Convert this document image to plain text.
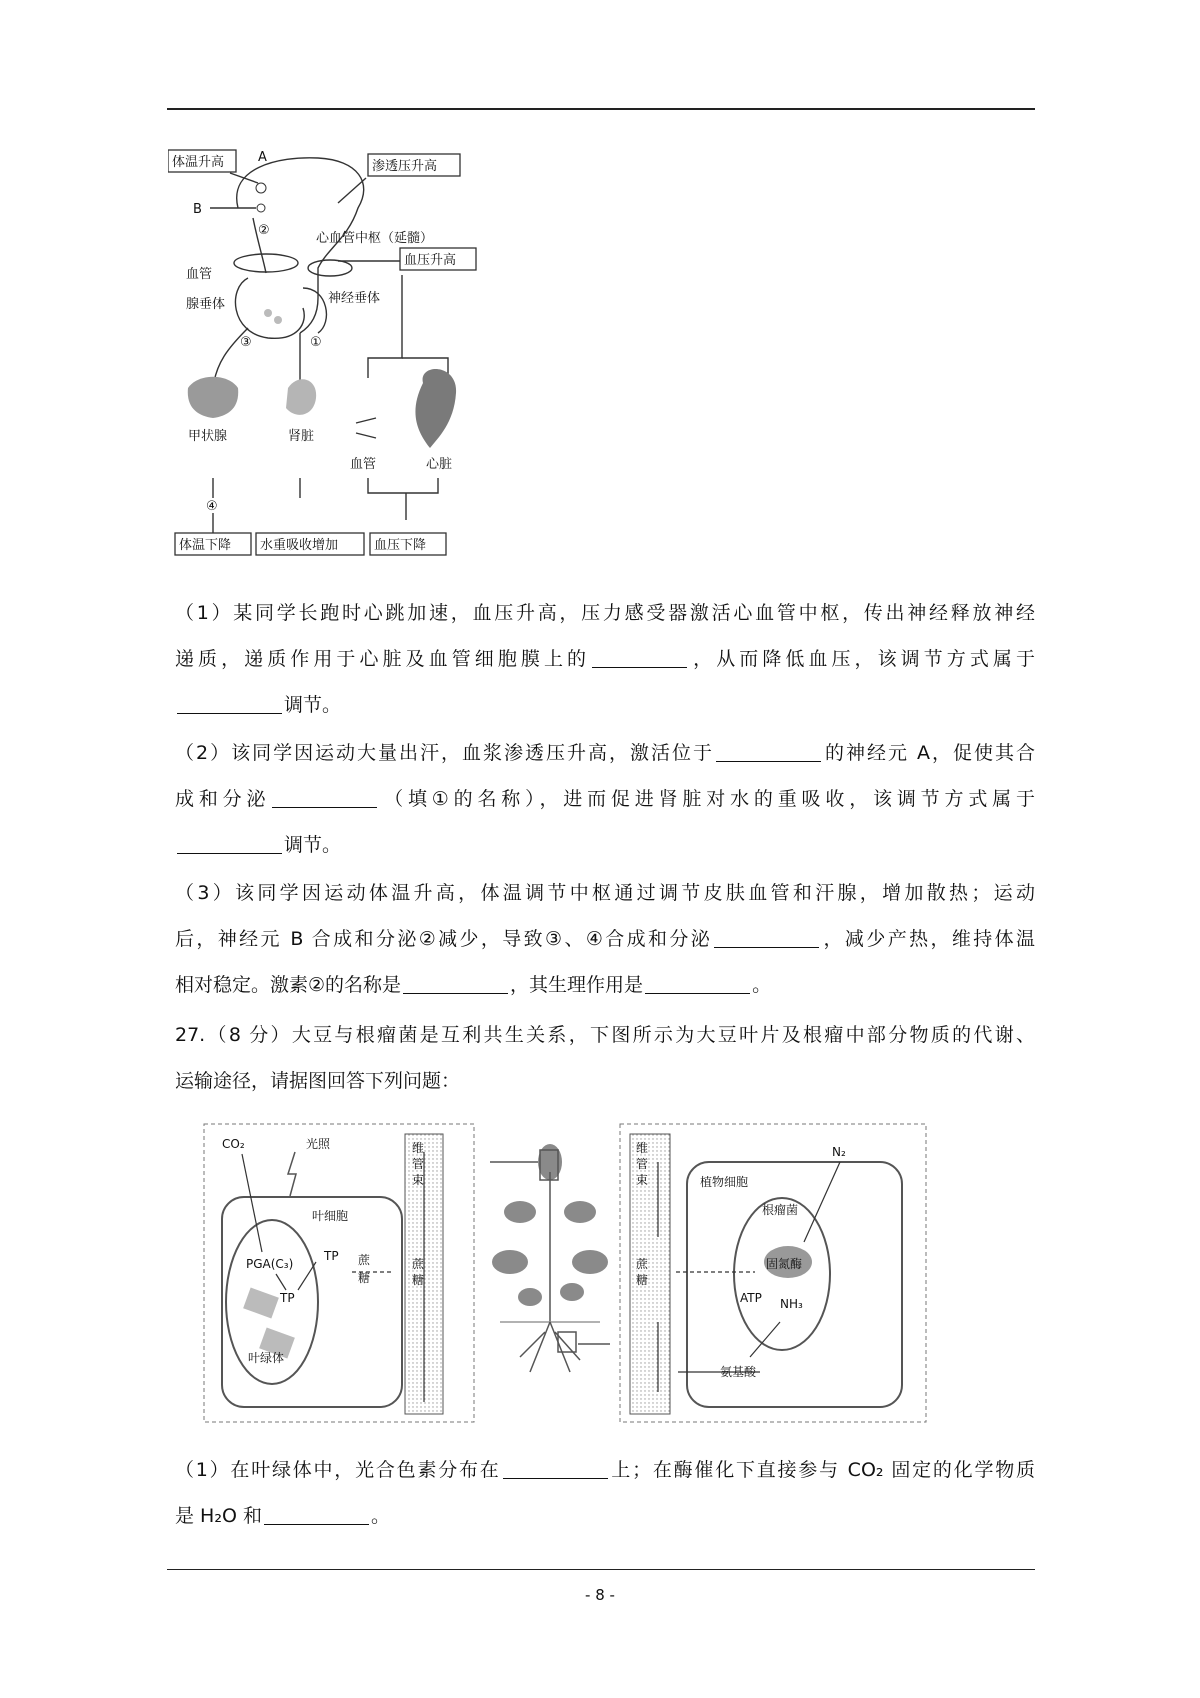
体温升高	渗透压升高
A
B
②
心血管中枢（延髓）
血压升高
血管
腺垂体	神经垂体
③	①
甲状腺	肾脏
血管	心脏
④
体温下降 水重吸收增加	血压下降
（1）某同学长跑时心跳加速，血压升高，压力感受器激活心血管中枢，传出神经释放神经
递质，递质作用于心脏及血管细胞膜上的	，从而降低血压，该调节方式属于
调节。
（2）该同学因运动大量出汗，血浆渗透压升高，激活位于	的神经元 A，促使其合
成和分泌	（填①的名称），进而促进肾脏对水的重吸收，该调节方式属于
调节。
（3）该同学因运动体温升高，体温调节中枢通过调节皮肤血管和汗腺，增加散热；运动
后，神经元 B 合成和分泌②减少，导致③、④合成和分泌	，减少产热，维持体温
相对稳定。激素②的名称是	，其生理作用是	。
27.（8 分）大豆与根瘤菌是互利共生关系，下图所示为大豆叶片及根瘤中部分物质的代谢、
运输途径，请据图回答下列问题：
CO₂	光照
叶细胞
PGA(C₃)
TP
TP
蔗
糖
叶绿体
维
管
束
蔗
糖
维
管
束
蔗
糖
植物细胞
根瘤菌
N₂
固氮酶
ATP NH₃
氨基酸
（1）在叶绿体中，光合色素分布在	上；在酶催化下直接参与 CO₂ 固定的化学物质
是 H₂O 和	。
- 8 -
